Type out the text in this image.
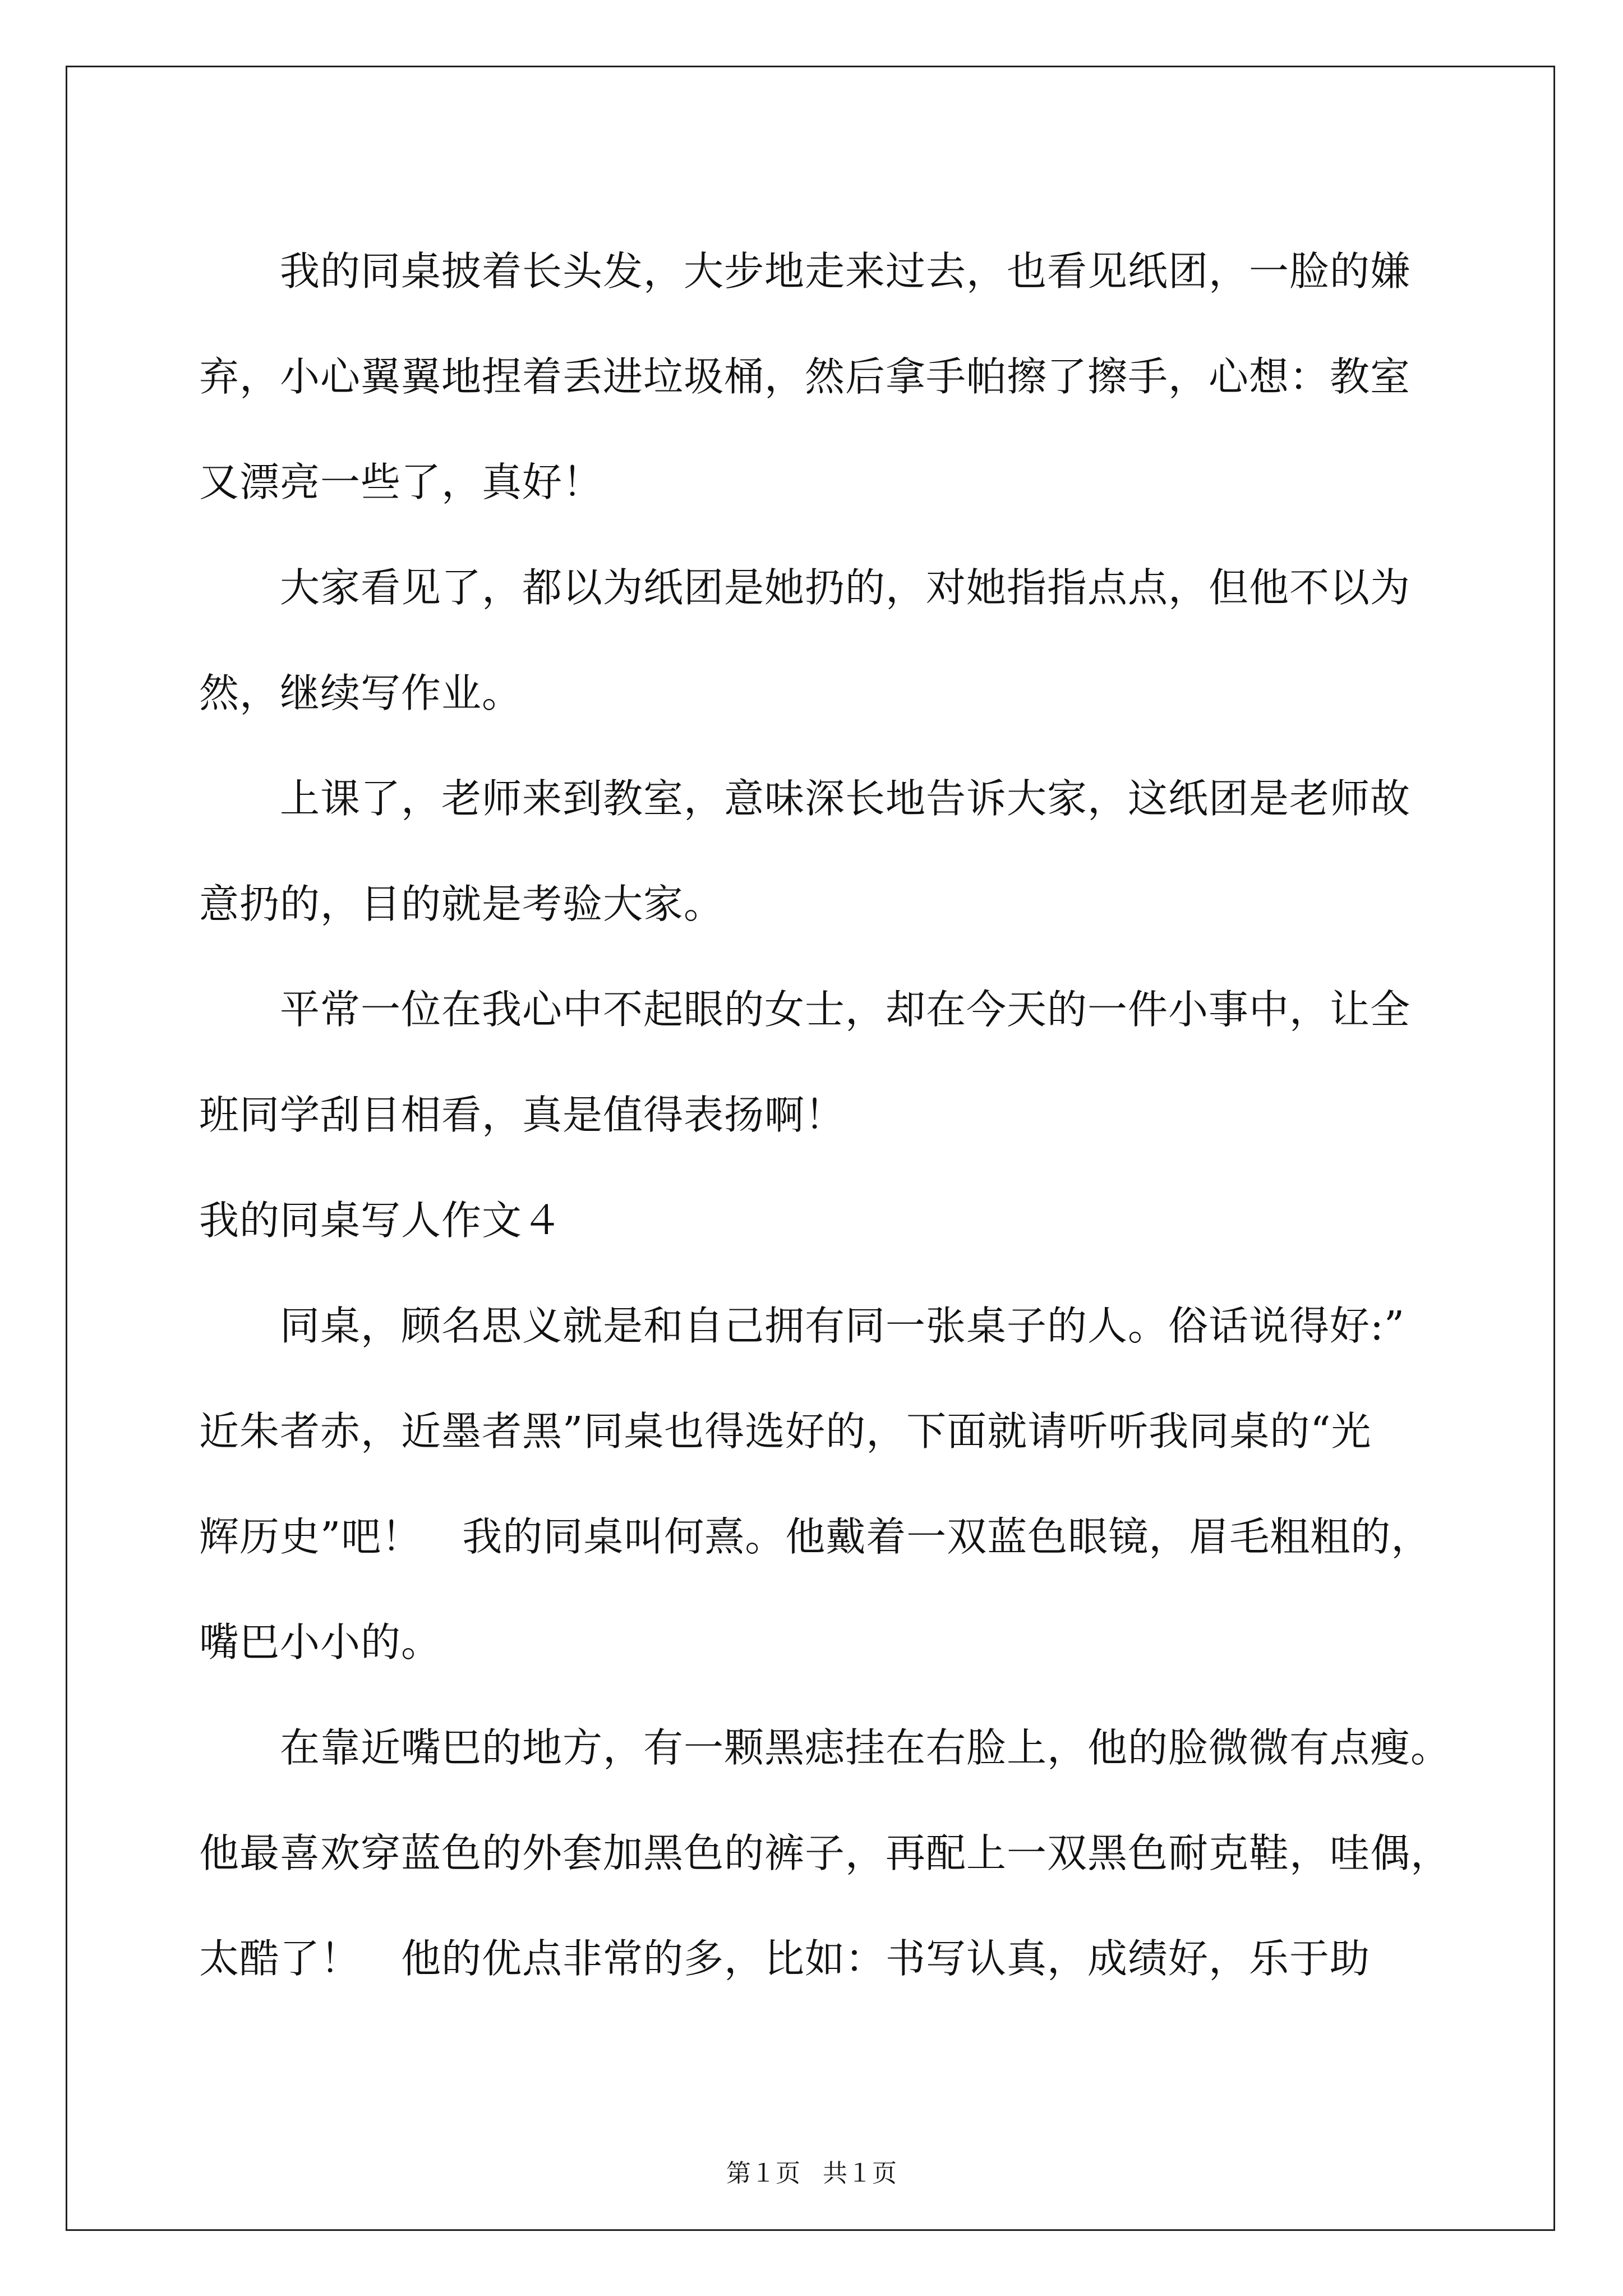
我的同桌披着长头发，大步地走来过去，也看见纸团，一脸的嫌
弃，小心翼翼地捏着丢进垃圾桶，然后拿手帕擦了擦手，心想：教室
又漂亮一些了，真好！
大家看见了，都以为纸团是她扔的，对她指指点点，但他不以为
然，继续写作业。
上课了，老师来到教室，意味深长地告诉大家，这纸团是老师故
意扔的，目的就是考验大家。
平常一位在我心中不起眼的女士，却在今天的一件小事中，让全
班同学刮目相看，真是值得表扬啊！
我的同桌写人作文４
同桌，顾名思义就是和自己拥有同一张桌子的人。俗话说得好:”
近朱者赤，近墨者黑”同桌也得选好的，下面就请听听我同桌的“光
辉历史”吧！　我的同桌叫何熹。他戴着一双蓝色眼镜，眉毛粗粗的，
嘴巴小小的。
在靠近嘴巴的地方，有一颗黑痣挂在右脸上，他的脸微微有点瘦。
他最喜欢穿蓝色的外套加黑色的裤子，再配上一双黑色耐克鞋，哇偶，
太酷了！　他的优点非常的多，比如：书写认真，成绩好，乐于助
第１页 共１页
